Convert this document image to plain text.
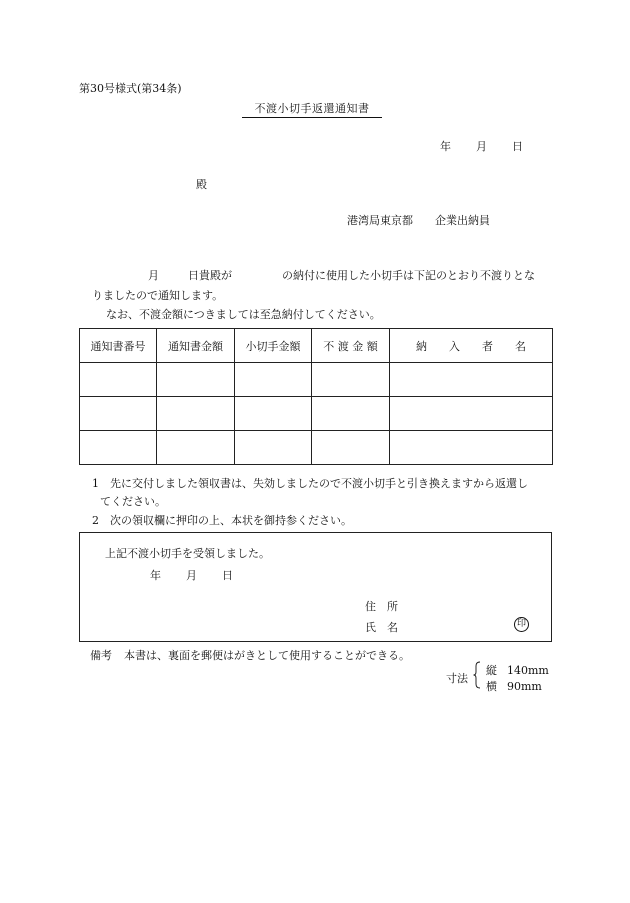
第30号様式(第34条)
不渡小切手返還通知書
年 月 日
殿
港湾局東京都 企業出納員
月	日貴殿が	の納付に使用した小切手は下記のとおり不渡りとな
りましたので通知します。
なお、不渡金額につきましては至急納付してください。
通知書番号	通知書金額	小切手金額	不 渡 金 額	納　　入　　者　　名

1　先に交付しました領収書は、失効しましたので不渡小切手と引き換えますから返還し
てください。
2　次の領収欄に押印の上、本状を御持参ください。
上記不渡小切手を受領しました。
年 月 日
住　所
氏　名	印
備考 本書は、裏面を郵便はがきとして使用することができる。
寸法
縦 140mm
横 90mm
